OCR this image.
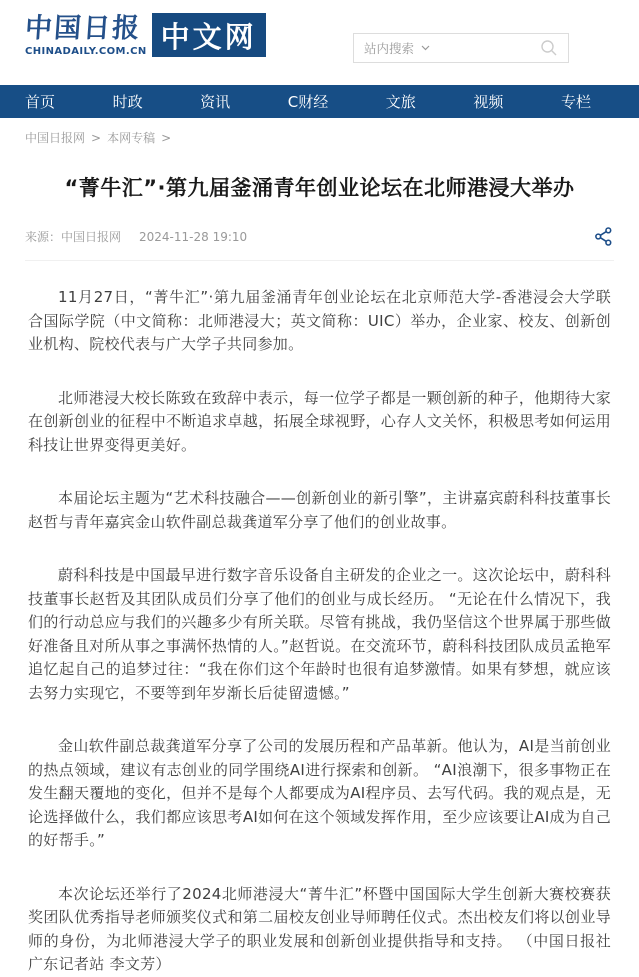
中国日报
CHINADAILY.COM.CN 中文网	站内搜索
首页	时政	资讯	C财经	文旅	视频	专栏
中国日报网 > 本网专稿 >
“菁牛汇”·第九届釜涌青年创业论坛在北师港浸大举办
来源：中国日报网 2024-11-28 19:10

11月27日，“菁牛汇”·第九届釜涌青年创业论坛在北京师范大学-香港浸会大学联合国际学院（中文简称：北师港浸大；英文简称：UIC）举办，企业家、校友、创新创业机构、院校代表与广大学子共同参加。

北师港浸大校长陈致在致辞中表示，每一位学子都是一颗创新的种子，他期待大家在创新创业的征程中不断追求卓越，拓展全球视野，心存人文关怀，积极思考如何运用科技让世界变得更美好。

本届论坛主题为“艺术科技融合——创新创业的新引擎”，主讲嘉宾蔚科科技董事长赵哲与青年嘉宾金山软件副总裁龚道军分享了他们的创业故事。

蔚科科技是中国最早进行数字音乐设备自主研发的企业之一。这次论坛中，蔚科科技董事长赵哲及其团队成员们分享了他们的创业与成长经历。 “无论在什么情况下，我们的行动总应与我们的兴趣多少有所关联。尽管有挑战，我仍坚信这个世界属于那些做好准备且对所从事之事满怀热情的人。”赵哲说。在交流环节，蔚科科技团队成员孟艳军追忆起自己的追梦过往：“我在你们这个年龄时也很有追梦激情。如果有梦想，就应该去努力实现它，不要等到年岁渐长后徒留遗憾。”

金山软件副总裁龚道军分享了公司的发展历程和产品革新。他认为，AI是当前创业的热点领域，建议有志创业的同学围绕AI进行探索和创新。 “AI浪潮下，很多事物正在发生翻天覆地的变化，但并不是每个人都要成为AI程序员、去写代码。我的观点是，无论选择做什么，我们都应该思考AI如何在这个领域发挥作用，至少应该要让AI成为自己的好帮手。”

本次论坛还举行了2024北师港浸大“菁牛汇”杯暨中国国际大学生创新大赛校赛获奖团队优秀指导老师颁奖仪式和第二届校友创业导师聘任仪式。杰出校友们将以创业导师的身份，为北师港浸大学子的职业发展和创新创业提供指导和支持。 （中国日报社广东记者站 李文芳）
